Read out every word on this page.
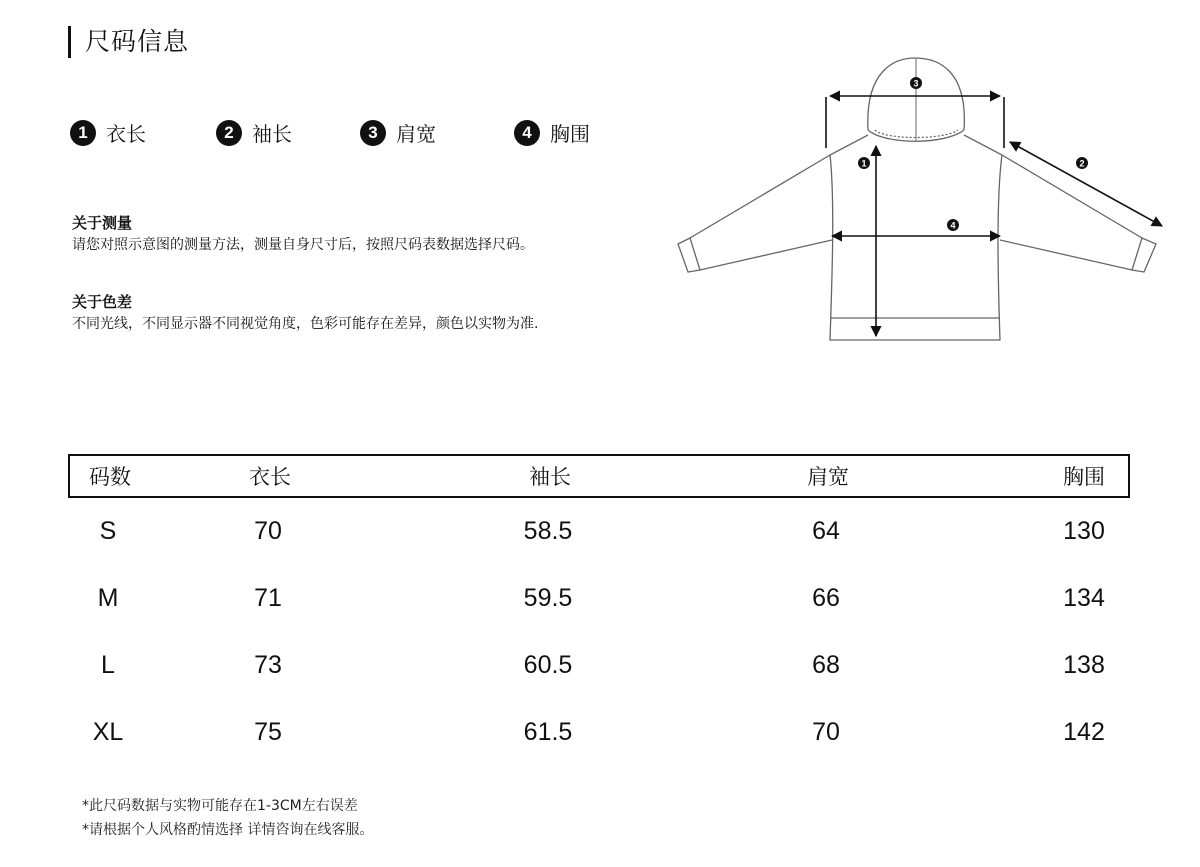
尺码信息
1 衣长	2 袖长	3 肩宽	4 胸围
关于测量
请您对照示意图的测量方法，测量自身尺寸后，按照尺码表数据选择尺码。
关于色差
不同光线，不同显示器不同视觉角度，色彩可能存在差异，颜色以实物为准.
3
1	2
4
码数	衣长	袖长	肩宽	胸围
S	70	58.5	64	130
M	71	59.5	66	134
L	73	60.5	68	138
XL	75	61.5	70	142
*此尺码数据与实物可能存在1-3CM左右误差
*请根据个人风格酌情选择 详情咨询在线客服。
